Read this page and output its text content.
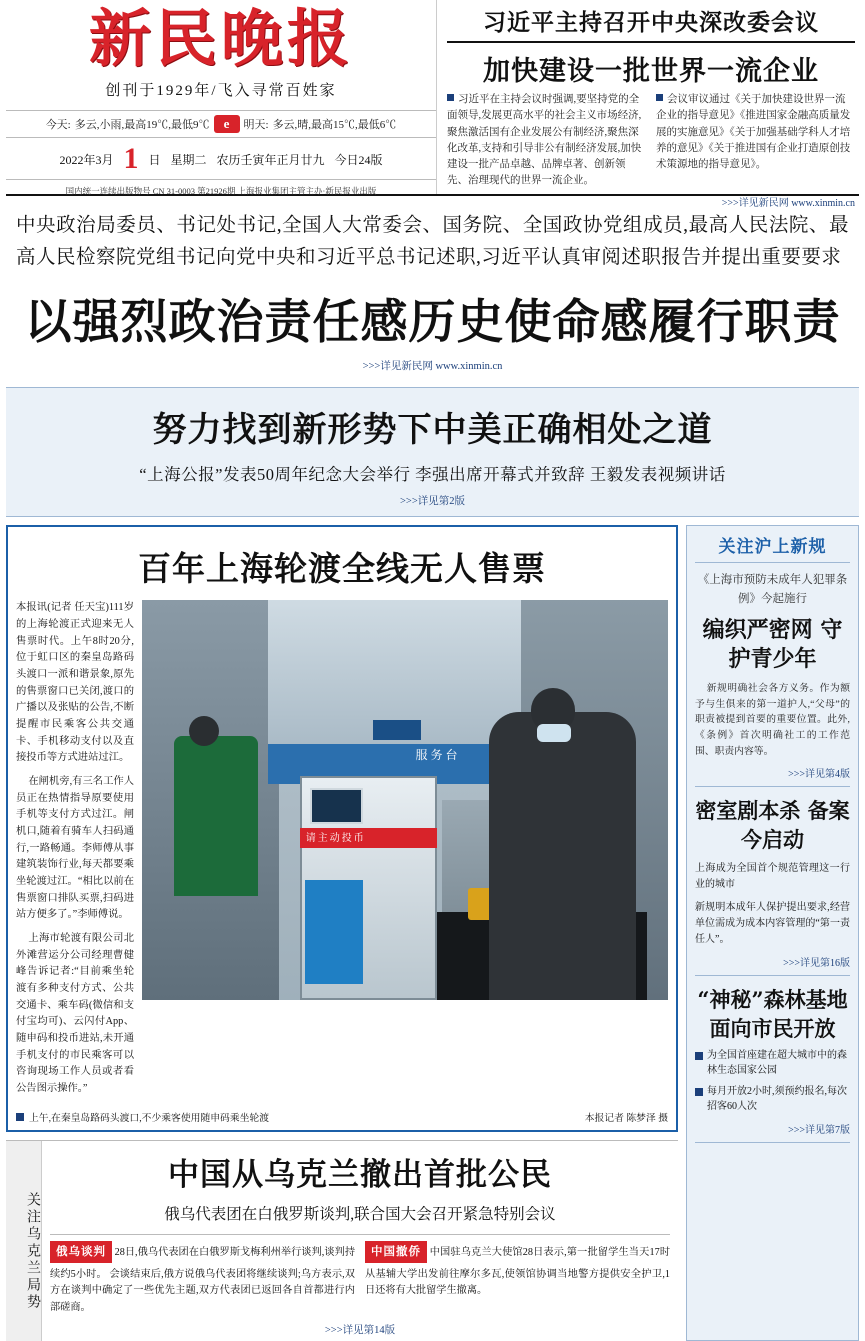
新民晚报
创刊于1929年/飞入寻常百姓家
今天: 多云,小雨,最高19℃,最低9℃	e	明天: 多云,晴,最高15℃,最低6℃
2022年3月 1 日 星期二 农历壬寅年正月廿九 今日24版
国内统一连续出版物号 CN 31-0003 第21926期 上海报业集团主管主办·新民报业出版
习近平主持召开中央深改委会议
加快建设一批世界一流企业
习近平在主持会议时强调,要坚持党的全面领导,发展更高水平的社会主义市场经济,聚焦激活国有企业发展公有制经济,聚焦深化改革,支持和引导非公有制经济发展,加快建设一批产品卓越、品牌卓著、创新领先、治理现代的世界一流企业。
会议审议通过《关于加快建设世界一流企业的指导意见》《推进国家金融高质量发展的实施意见》《关于加强基础学科人才培养的意见》《关于推进国有企业打造原创技术策源地的指导意见》。
>>>详见新民网 www.xinmin.cn
中央政治局委员、书记处书记,全国人大常委会、国务院、全国政协党组成员,最高人民法院、最高人民检察院党组书记向党中央和习近平总书记述职,习近平认真审阅述职报告并提出重要要求
以强烈政治责任感历史使命感履行职责
>>>详见新民网 www.xinmin.cn
努力找到新形势下中美正确相处之道
“上海公报”发表50周年纪念大会举行 李强出席开幕式并致辞 王毅发表视频讲话
>>>详见第2版
百年上海轮渡全线无人售票

本报讯(记者 任天宝)111岁的上海轮渡正式迎来无人售票时代。上午8时20分,位于虹口区的秦皇岛路码头渡口一派和谐景象,原先的售票窗口已关闭,渡口的广播以及张贴的公告,不断提醒市民乘客公共交通卡、手机移动支付以及直接投币等方式进站过江。

在闸机旁,有三名工作人员正在热情指导原要使用手机等支付方式过江。闸机口,随着有骑车人扫码通行,一路畅通。李师傅从事建筑装饰行业,每天都要乘坐轮渡过江。“相比以前在售票窗口排队买票,扫码进站方便多了。”李师傅说。

上海市轮渡有限公司北外滩营运分公司经理曹健峰告诉记者:“目前乘坐轮渡有多种支付方式、公共交通卡、乘车码(微信和支付宝均可)、云闪付App、随申码和投币进站,未开通手机支付的市民乘客可以咨询现场工作人员或者看公告图示操作。”

服务台
请主动投币
上午,在秦皇岛路码头渡口,不少乘客使用随申码乘坐轮渡	本报记者 陈梦泽 摄
关注乌克兰局势
中国从乌克兰撤出首批公民
俄乌代表团在白俄罗斯谈判,联合国大会召开紧急特别会议
俄乌谈判 28日,俄乌代表团在白俄罗斯戈梅利州举行谈判,谈判持续约5小时。 会谈结束后,俄方说俄乌代表团将继续谈判;乌方表示,双方在谈判中确定了一些优先主题,双方代表团已返回各自首都进行内部磋商。
中国撤侨 中国驻乌克兰大使馆28日表示,第一批留学生当天17时从基辅大学出发前往摩尔多瓦,使领馆协调当地警方提供安全护卫,1日还将有大批留学生撤离。
>>>详见第14版
关注沪上新规
《上海市预防未成年人犯罪条例》今起施行
编织严密网 守护青少年
新规明确社会各方义务。作为额予与生俱来的第一道护人,“父母”的职责被提到首要的重要位置。此外,《条例》首次明确社工的工作范围、职责内容等。
>>>详见第4版
密室剧本杀 备案今启动
上海成为全国首个规范管理这一行业的城市
新规明本成年人保护提出要求,经营单位需成为成本内容管理的“第一责任人”。
>>>详见第16版
“神秘”森林基地 面向市民开放
为全国首座建在超大城市中的森林生态国家公园
每月开放2小时,须预约报名,每次招客60人次
>>>详见第7版
